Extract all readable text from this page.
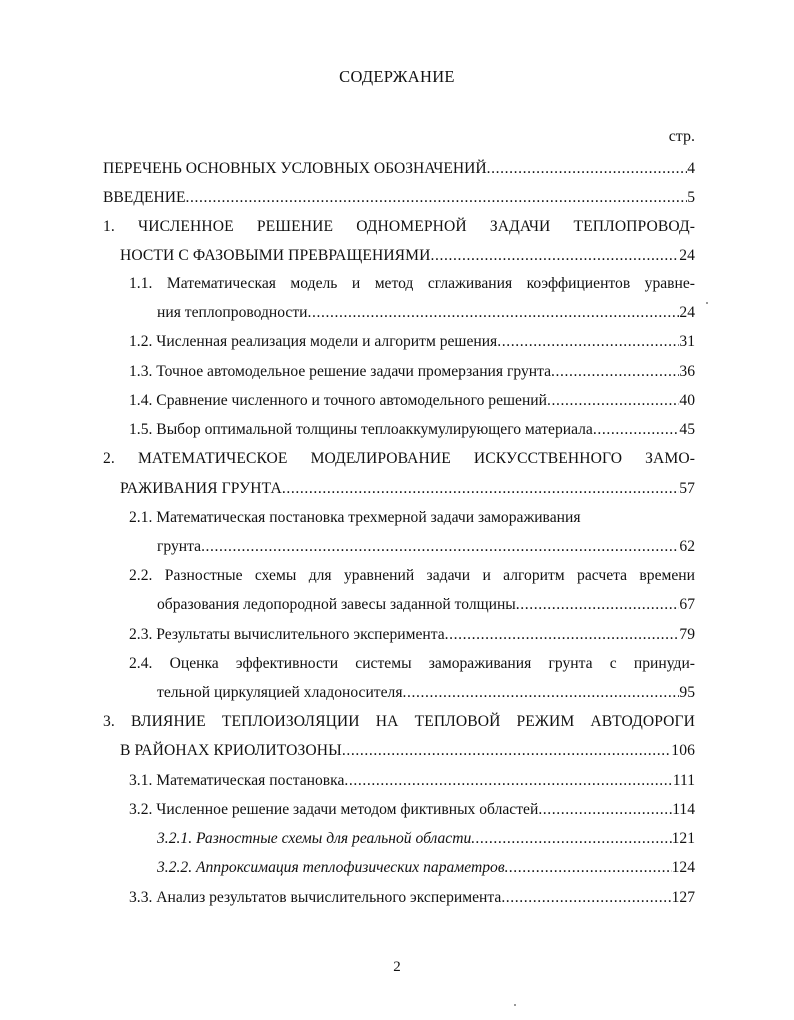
СОДЕРЖАНИЕ
стр.
ПЕРЕЧЕНЬ ОСНОВНЫХ УСЛОВНЫХ ОБОЗНАЧЕНИЙ .....	4
ВВЕДЕНИЕ .....	5
1. ЧИСЛЕННОЕ РЕШЕНИЕ ОДНОМЕРНОЙ ЗАДАЧИ ТЕПЛОПРОВОД-
НОСТИ С ФАЗОВЫМИ ПРЕВРАЩЕНИЯМИ .....	24
1.1. Математическая модель и метод сглаживания коэффициентов уравне-
ния теплопроводности .....	24
1.2. Численная реализация модели и алгоритм решения .....	31
1.3. Точное автомодельное решение задачи промерзания грунта .....	36
1.4. Сравнение численного и точного автомодельного решений .....	40
1.5. Выбор оптимальной толщины теплоаккумулирующего материала .....	45
2. МАТЕМАТИЧЕСКОЕ МОДЕЛИРОВАНИЕ ИСКУССТВЕННОГО ЗАМО-
РАЖИВАНИЯ ГРУНТА .....	57
2.1. Математическая постановка трехмерной задачи замораживания
грунта .....	62
2.2. Разностные схемы для уравнений задачи и алгоритм расчета времени
образования ледопородной завесы заданной толщины .....	67
2.3. Результаты вычислительного эксперимента .....	79
2.4. Оценка эффективности системы замораживания грунта с принуди-
тельной циркуляцией хладоносителя .....	95
3. ВЛИЯНИЕ ТЕПЛОИЗОЛЯЦИИ НА ТЕПЛОВОЙ РЕЖИМ АВТОДОРОГИ
В РАЙОНАХ КРИОЛИТОЗОНЫ .....	106
3.1. Математическая постановка .....	111
3.2. Численное решение задачи методом фиктивных областей .....	114
3.2.1. Разностные схемы для реальной области .....	121
3.2.2. Аппроксимация теплофизических параметров .....	124
3.3. Анализ результатов вычислительного эксперимента .....	127
2
